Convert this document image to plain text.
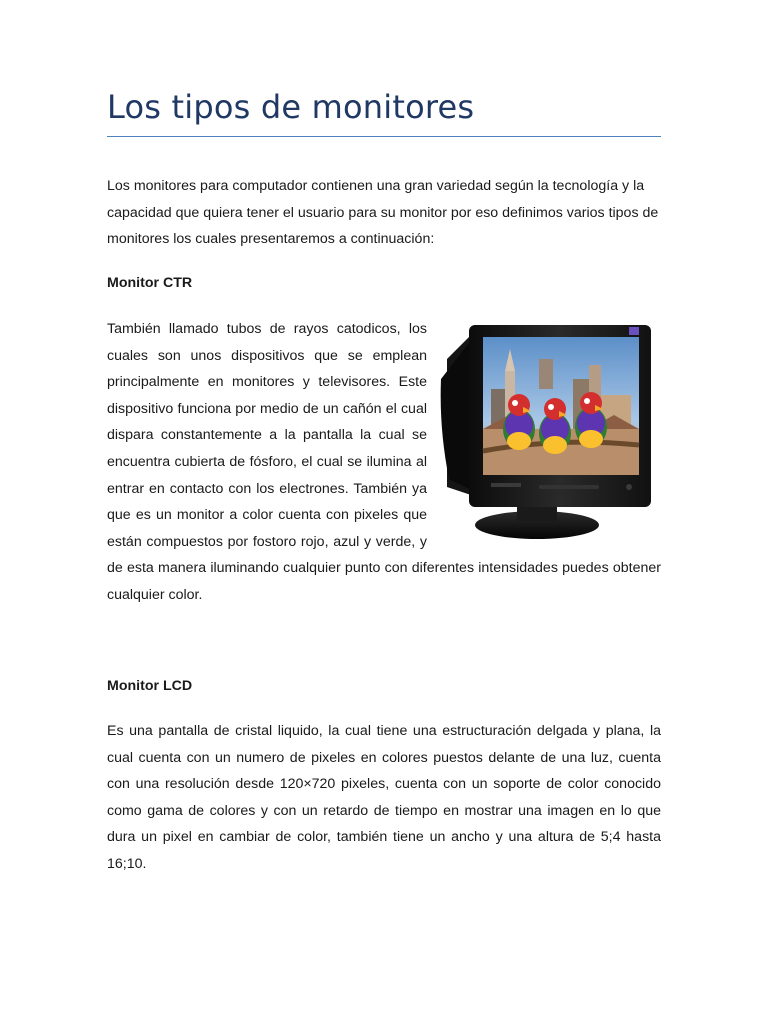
Los tipos de monitores

Los monitores para computador contienen una gran variedad según la tecnología y la capacidad que quiera tener el usuario para su monitor por eso definimos varios tipos de monitores los cuales presentaremos a continuación:

Monitor CTR
También llamado tubos de rayos catodicos, los cuales son unos dispositivos que se emplean principalmente en monitores y televisores. Este dispositivo funciona por medio de un cañón el cual dispara constantemente a la pantalla la cual se encuentra cubierta de fósforo, el cual se ilumina al entrar en contacto con los electrones. También ya que es un monitor a color cuenta con pixeles que están compuestos por fostoro rojo, azul y verde, y de esta manera iluminando cualquier punto con diferentes intensidades puedes obtener cualquier color.
Monitor LCD

Es una pantalla de cristal liquido, la cual tiene una estructuración delgada y plana, la cual cuenta con un numero de pixeles en colores puestos delante de una luz, cuenta con una resolución desde 120×720 pixeles, cuenta con un soporte de color conocido como gama de colores y con un retardo de tiempo en mostrar una imagen en lo que dura un pixel en cambiar de color, también tiene un ancho y una altura de 5;4 hasta 16;10.
